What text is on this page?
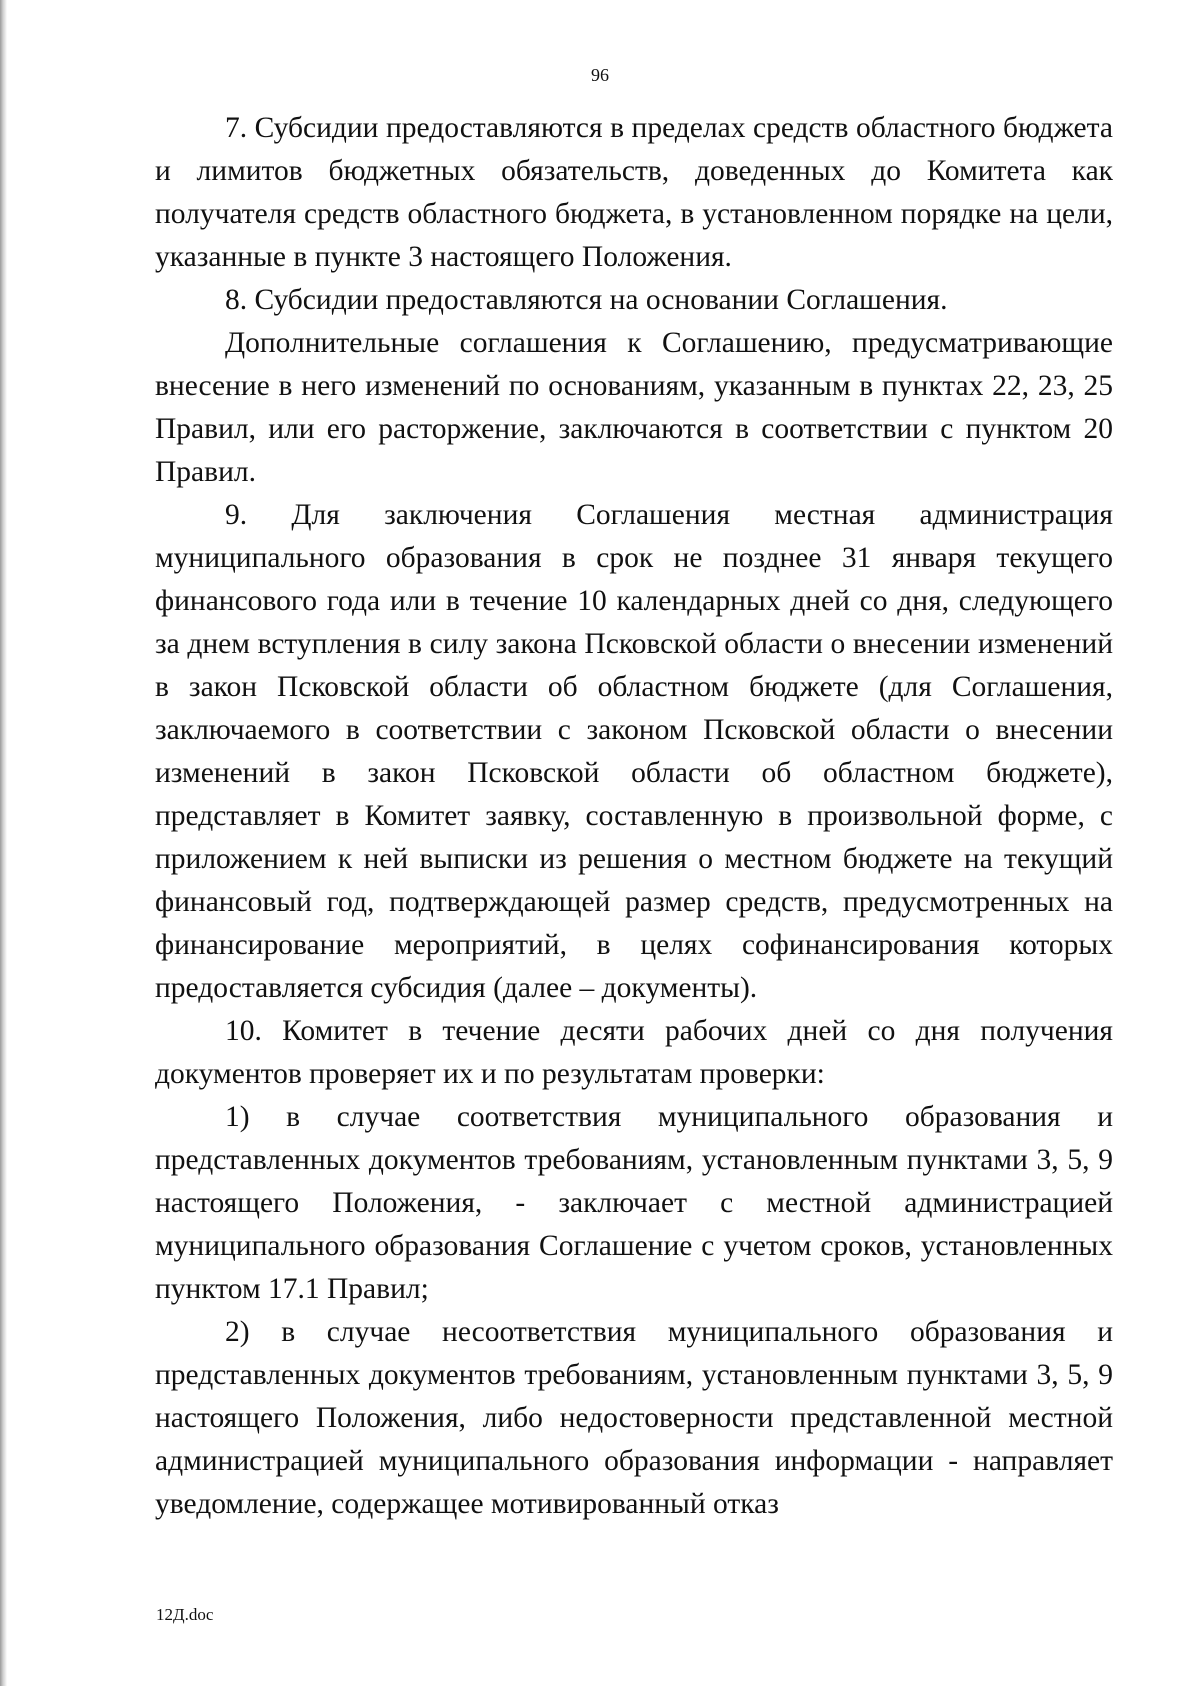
96

7. Субсидии предоставляются в пределах средств областного бюджета и лимитов бюджетных обязательств, доведенных до Комитета как получателя средств областного бюджета, в установленном порядке на цели, указанные в пункте 3 настоящего Положения.

8. Субсидии предоставляются на основании Соглашения.

Дополнительные соглашения к Соглашению, предусматривающие внесение в него изменений по основаниям, указанным в пунктах 22, 23, 25 Правил, или его расторжение, заключаются в соответствии с пунктом 20 Правил.

9. Для заключения Соглашения местная администрация муниципального образования в срок не позднее 31 января текущего финансового года или в течение 10 календарных дней со дня, следующего за днем вступления в силу закона Псковской области о внесении изменений в закон Псковской области об областном бюджете (для Соглашения, заключаемого в соответствии с законом Псковской области о внесении изменений в закон Псковской области об областном бюджете), представляет в Комитет заявку, составленную в произвольной форме, с приложением к ней выписки из решения о местном бюджете на текущий финансовый год, подтверждающей размер средств, предусмотренных на финансирование мероприятий, в целях софинансирования которых предоставляется субсидия (далее – документы).

10. Комитет в течение десяти рабочих дней со дня получения документов проверяет их и по результатам проверки:

1) в случае соответствия муниципального образования и представленных документов требованиям, установленным пунктами 3, 5, 9 настоящего Положения, - заключает с местной администрацией муниципального образования Соглашение с учетом сроков, установленных пунктом 17.1 Правил;

2) в случае несоответствия муниципального образования и представленных документов требованиям, установленным пунктами 3, 5, 9 настоящего Положения, либо недостоверности представленной местной администрацией муниципального образования информации - направляет уведомление, содержащее мотивированный отказ

12Д.doc
